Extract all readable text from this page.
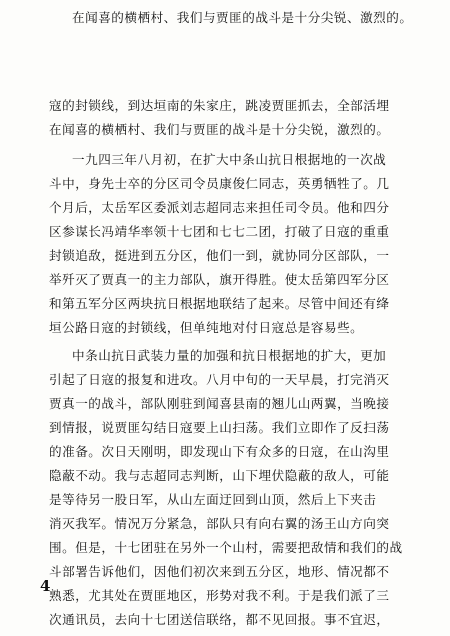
在闻喜的横栖村、我们与贾匪的战斗是十分尖锐、激烈的。
寇的封锁线，到达垣南的朱家庄，跳凌贾匪抓去，全部活埋
在闻喜的横栖村、我们与贾匪的战斗是十分尖锐，激烈的。
一九四三年八月初，在扩大中条山抗日根据地的一次战
斗中，身先士卒的分区司令员康俊仁同志，英勇牺牲了。几
个月后，太岳军区委派刘志超同志来担任司令员。他和四分
区参谋长冯靖华率领十七团和七七二团，打破了日寇的重重
封锁追敌，挺进到五分区，他们一到，就协同分区部队，一
举歼灭了贾真一的主力部队，旗开得胜。使太岳第四军分区
和第五军分区两块抗日根据地联结了起来。尽管中间还有绛
垣公路日寇的封锁线，但单纯地对付日寇总是容易些。
中条山抗日武装力量的加强和抗日根据地的扩大，更加
引起了日寇的报复和进攻。八月中旬的一天早晨，打完消灭
贾真一的战斗，部队刚驻到闻喜县南的翘儿山两翼，当晚接
到情报，说贾匪勾结日寇要上山扫荡。我们立即作了反扫荡
的准备。次日天刚明，即发现山下有众多的日寇，在山沟里
隐蔽不动。我与志超同志判断，山下埋伏隐蔽的敌人，可能
是等待另一股日军，从山左面迂回到山顶，然后上下夹击
消灭我军。情况万分紧急，部队只有向右翼的汤王山方向突
围。但是，十七团驻在另外一个山村，需要把敌情和我们的战
斗部署告诉他们，因他们初次来到五分区，地形、情况都不
熟悉，尤其处在贾匪地区，形势对我不利。于是我们派了三
次通讯员，去向十七团送信联络，都不见回报。事不宜迟，
4
